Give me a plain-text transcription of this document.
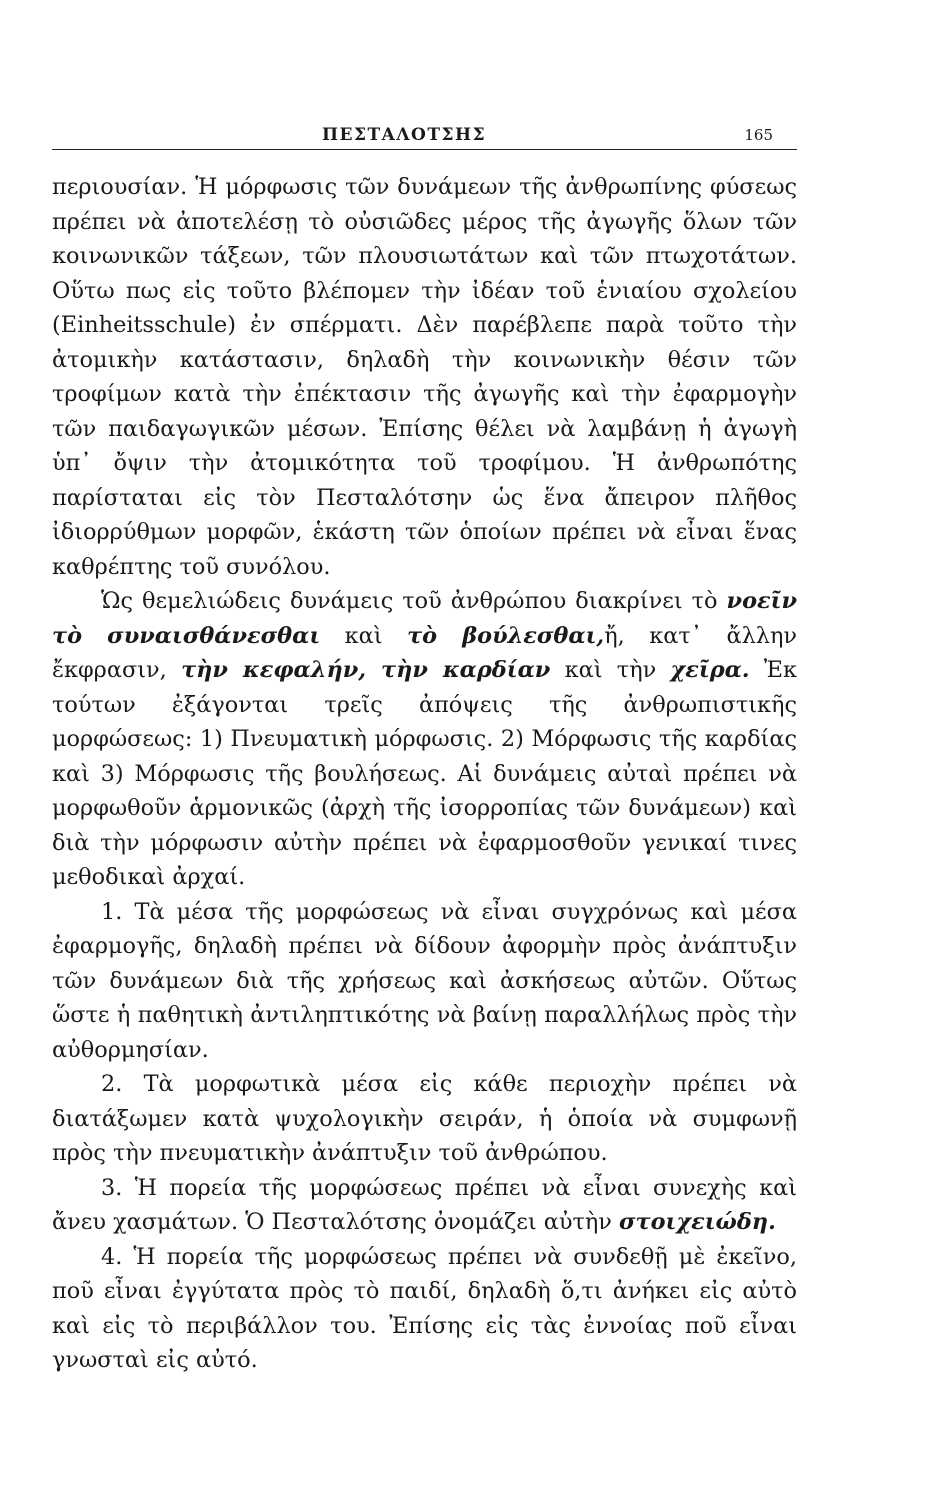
ΠΕΣΤΑΛΟΤΣΗΣ	165

περιουσίαν. Ἡ μόρφωσις τῶν δυνάμεων τῆς ἀνθρωπίνης φύσεως πρέπει νὰ ἀποτελέσῃ τὸ οὐσιῶδες μέρος τῆς ἀγωγῆς ὅλων τῶν κοινωνικῶν τάξεων, τῶν πλουσιωτάτων καὶ τῶν πτωχοτάτων. Οὕτω πως εἰς τοῦτο βλέπομεν τὴν ἰδέαν τοῦ ἑνιαίου σχολείου (Einheitsschule) ἐν σπέρματι. Δὲν παρέβλεπε παρὰ τοῦτο τὴν ἀτομικὴν κατάστασιν, δηλαδὴ τὴν κοινωνικὴν θέσιν τῶν τροφίμων κατὰ τὴν ἐπέκτασιν τῆς ἀγωγῆς καὶ τὴν ἐφαρμογὴν τῶν παιδαγωγικῶν μέσων. Ἐπίσης θέλει νὰ λαμβάνῃ ἡ ἀγωγὴ ὑπ᾽ ὄψιν τὴν ἀτομικότητα τοῦ τροφίμου. Ἡ ἀνθρωπότης παρίσταται εἰς τὸν Πεσταλότσην ὡς ἕνα ἄπειρον πλῆθος ἰδιορρύθμων μορφῶν, ἑκάστη τῶν ὁποίων πρέπει νὰ εἶναι ἕνας καθρέπτης τοῦ συνόλου.

Ὡς θεμελιώδεις δυνάμεις τοῦ ἀνθρώπου διακρίνει τὸ νοεῖν τὸ συναισθάνεσθαι καὶ τὸ βούλεσθαι,ἤ, κατ᾽ ἄλλην ἔκφρασιν, τὴν κεφαλήν, τὴν καρδίαν καὶ τὴν χεῖρα. Ἐκ τούτων ἐξάγονται τρεῖς ἀπόψεις τῆς ἀνθρωπιστικῆς μορφώσεως: 1) Πνευματικὴ μόρφωσις. 2) Μόρφωσις τῆς καρδίας καὶ 3) Μόρφωσις τῆς βουλήσεως. Αἱ δυνάμεις αὐταὶ πρέπει νὰ μορφωθοῦν ἁρμονικῶς (ἀρχὴ τῆς ἰσορροπίας τῶν δυνάμεων) καὶ διὰ τὴν μόρφωσιν αὐτὴν πρέπει νὰ ἐφαρμοσθοῦν γενικαί τινες μεθοδικαὶ ἀρχαί.

1. Τὰ μέσα τῆς μορφώσεως νὰ εἶναι συγχρόνως καὶ μέσα ἐφαρμογῆς, δηλαδὴ πρέπει νὰ δίδουν ἀφορμὴν πρὸς ἀνάπτυξιν τῶν δυνάμεων διὰ τῆς χρήσεως καὶ ἀσκήσεως αὐτῶν. Οὕτως ὥστε ἡ παθητικὴ ἀντιληπτικότης νὰ βαίνῃ παραλλήλως πρὸς τὴν αὐθορμησίαν.

2. Τὰ μορφωτικὰ μέσα εἰς κάθε περιοχὴν πρέπει νὰ διατάξωμεν κατὰ ψυχολογικὴν σειράν, ἡ ὁποία νὰ συμφωνῇ πρὸς τὴν πνευματικὴν ἀνάπτυξιν τοῦ ἀνθρώπου.

3. Ἡ πορεία τῆς μορφώσεως πρέπει νὰ εἶναι συνεχὴς καὶ ἄνευ χασμάτων. Ὁ Πεσταλότσης ὀνομάζει αὐτὴν στοιχειώδη.

4. Ἡ πορεία τῆς μορφώσεως πρέπει νὰ συνδεθῇ μὲ ἐκεῖνο, ποῦ εἶναι ἐγγύτατα πρὸς τὸ παιδί, δηλαδὴ ὅ,τι ἀνήκει εἰς αὐτὸ καὶ εἰς τὸ περιβάλλον του. Ἐπίσης εἰς τὰς ἐννοίας ποῦ εἶναι γνωσταὶ εἰς αὐτό.
